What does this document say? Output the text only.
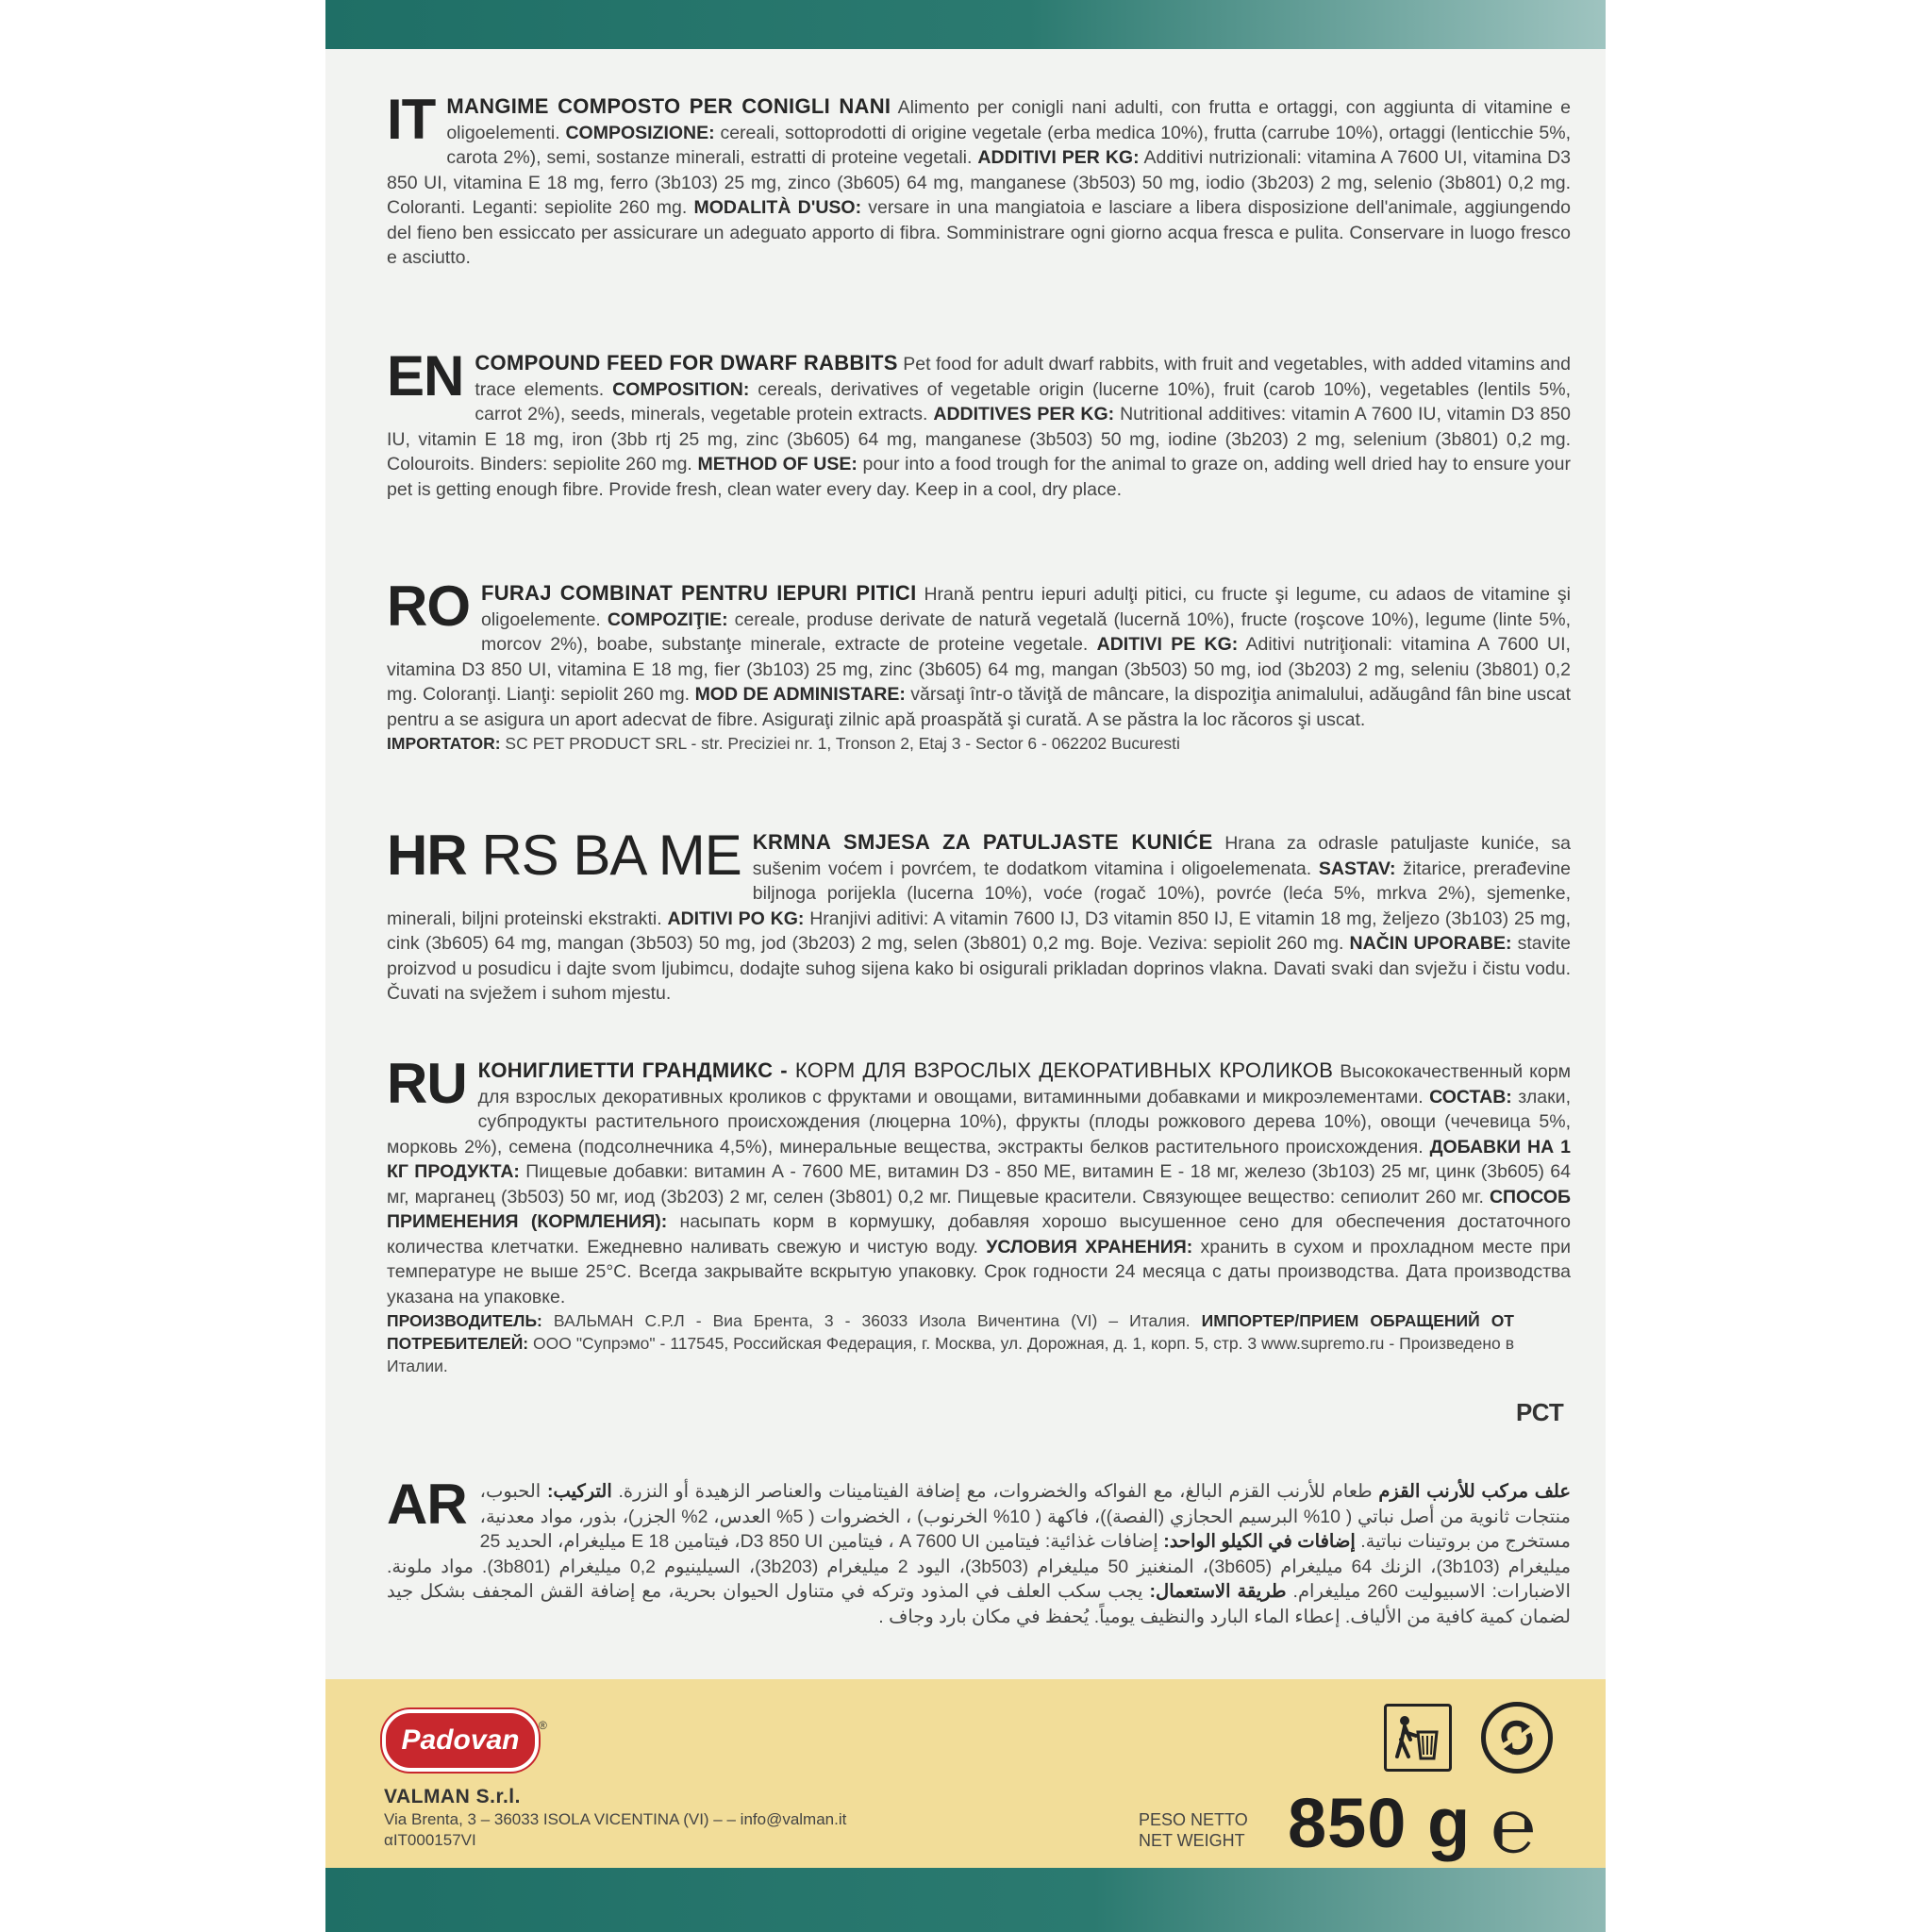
IT MANGIME COMPOSTO PER CONIGLI NANI Alimento per conigli nani adulti, con frutta e ortaggi, con aggiunta di vitamine e oligoelementi. COMPOSIZIONE: cereali, sottoprodotti di origine vegetale (erba medica 10%), frutta (carrube 10%), ortaggi (lenticchie 5%, carota 2%), semi, sostanze minerali, estratti di proteine vegetali. ADDITIVI PER KG: Additivi nutrizionali: vitamina A 7600 UI, vitamina D3 850 UI, vitamina E 18 mg, ferro (3b103) 25 mg, zinco (3b605) 64 mg, manganese (3b503) 50 mg, iodio (3b203) 2 mg, selenio (3b801) 0,2 mg. Coloranti. Leganti: sepiolite 260 mg. MODALITÀ D'USO: versare in una mangiatoia e lasciare a libera disposizione dell'animale, aggiungendo del fieno ben essiccato per assicurare un adeguato apporto di fibra. Somministrare ogni giorno acqua fresca e pulita. Conservare in luogo fresco e asciutto.
EN COMPOUND FEED FOR DWARF RABBITS Pet food for adult dwarf rabbits, with fruit and vegetables, with added vitamins and trace elements. COMPOSITION: cereals, derivatives of vegetable origin (lucerne 10%), fruit (carob 10%), vegetables (lentils 5%, carrot 2%), seeds, minerals, vegetable protein extracts. ADDITIVES PER KG: Nutritional additives: vitamin A 7600 IU, vitamin D3 850 IU, vitamin E 18 mg, iron (3bb rtj 25 mg, zinc (3b605) 64 mg, manganese (3b503) 50 mg, iodine (3b203) 2 mg, selenium (3b801) 0,2 mg. Colouroits. Binders: sepiolite 260 mg. METHOD OF USE: pour into a food trough for the animal to graze on, adding well dried hay to ensure your pet is getting enough fibre. Provide fresh, clean water every day. Keep in a cool, dry place.
RO FURAJ COMBINAT PENTRU IEPURI PITICI Hrană pentru iepuri adulţi pitici, cu fructe şi legume, cu adaos de vitamine şi oligoelemente. COMPOZIŢIE: cereale, produse derivate de natură vegetală (lucernă 10%), fructe (roşcove 10%), legume (linte 5%, morcov 2%), boabe, substanţe minerale, extracte de proteine vegetale. ADITIVI PE KG: Aditivi nutriţionali: vitamina A 7600 UI, vitamina D3 850 UI, vitamina E 18 mg, fier (3b103) 25 mg, zinc (3b605) 64 mg, mangan (3b503) 50 mg, iod (3b203) 2 mg, seleniu (3b801) 0,2 mg. Coloranţi. Lianţi: sepiolit 260 mg. MOD DE ADMINISTARE: vărsaţi într-o tăviţă de mâncare, la dispoziţia animalului, adăugând fân bine uscat pentru a se asigura un aport adecvat de fibre. Asiguraţi zilnic apă proaspătă şi curată. A se păstra la loc răcoros şi uscat.
IMPORTATOR: SC PET PRODUCT SRL - str. Preciziei nr. 1, Tronson 2, Etaj 3 - Sector 6 - 062202 Bucuresti
HR RS BA ME KRMNA SMJESA ZA PATULJASTE KUNIĆE Hrana za odrasle patuljaste kuniće, sa sušenim voćem i povrćem, te dodatkom vitamina i oligoelemenata. SASTAV: žitarice, prerađevine biljnoga porijekla (lucerna 10%), voće (rogač 10%), povrće (leća 5%, mrkva 2%), sjemenke, minerali, biljni proteinski ekstrakti. ADITIVI PO KG: Hranjivi aditivi: A vitamin 7600 IJ, D3 vitamin 850 IJ, E vitamin 18 mg, željezo (3b103) 25 mg, cink (3b605) 64 mg, mangan (3b503) 50 mg, jod (3b203) 2 mg, selen (3b801) 0,2 mg. Boje. Veziva: sepiolit 260 mg. NAČIN UPORABE: stavite proizvod u posudicu i dajte svom ljubimcu, dodajte suhog sijena kako bi osigurali prikladan doprinos vlakna. Davati svaki dan svježu i čistu vodu. Čuvati na svježem i suhom mjestu.
RU КОНИГЛИЕТТИ ГРАНДМИКС - КОРМ ДЛЯ ВЗРОСЛЫХ ДЕКОРАТИВНЫХ КРОЛИКОВ Высококачественный корм для взрослых декоративных кроликов с фруктами и овощами, витаминными добавками и микроэлементами. СОСТАВ: злаки, субпродукты растительного происхождения (люцерна 10%), фрукты (плоды рожкового дерева 10%), овощи (чечевица 5%, морковь 2%), семена (подсолнечника 4,5%), минеральные вещества, экстракты белков растительного происхождения. ДОБАВКИ НА 1 КГ ПРОДУКТА: Пищевые добавки: витамин А - 7600 МЕ, витамин D3 - 850 МЕ, витамин Е - 18 мг, железо (3b103) 25 мг, цинк (3b605) 64 мг, марганец (3b503) 50 мг, иод (3b203) 2 мг, селен (3b801) 0,2 мг. Пищевые красители. Связующее вещество: сепиолит 260 мг. СПОСОБ ПРИМЕНЕНИЯ (КОРМЛЕНИЯ): насыпать корм в кормушку, добавляя хорошо высушенное сено для обеспечения достаточного количества клетчатки. Ежедневно наливать свежую и чистую воду. УСЛОВИЯ ХРАНЕНИЯ: хранить в сухом и прохладном месте при температуре не выше 25°С. Всегда закрывайте вскрытую упаковку. Срок годности 24 месяца с даты производства. Дата производства указана на упаковке.
ПРОИЗВОДИТЕЛЬ: ВАЛЬМАН С.Р.Л - Виа Брента, 3 - 36033 Изола Вичентина (VI) – Италия. ИМПОРТЕР/ПРИЕМ ОБРАЩЕНИЙ ОТ ПОТРЕБИТЕЛЕЙ: ООО "Супрэмо" - 117545, Российская Федерация, г. Москва, ул. Дорожная, д. 1, корп. 5, стр. 3 www.supremo.ru - Произведено в Италии.
РСТ
AR	علف مركب للأرنب القزم طعام للأرنب القزم البالغ، مع الفواكه والخضروات، مع إضافة الفيتامينات والعناصر الزهيدة أو النزرة. التركيب: الحبوب، منتجات ثانوية من أصل نباتي ( 10% البرسيم الحجازي (الفصة))، فاكهة ( 10% الخرنوب) ، الخضروات ( 5% العدس، 2% الجزر)، بذور، مواد معدنية، مستخرج من بروتينات نباتية. إضافات في الكيلو الواحد: إضافات غذائية: فيتامين A 7600 UI ، فيتامين D3 850 UI، فيتامين E 18 ميليغرام، الحديد 25 ميليغرام (3b103)، الزنك 64 ميليغرام (3b605)، المنغنيز 50 ميليغرام (3b503)، اليود 2 ميليغرام (3b203)، السيلينيوم 0,2 ميليغرام (3b801). مواد ملونة. الاضبارات: الاسبيوليت 260 ميليغرام. طريقة الاستعمال: يجب سكب العلف في المذود وتركه في متناول الحيوان بحرية، مع إضافة القش المجفف بشكل جيد لضمان كمية كافية من الألياف. إعطاء الماء البارد والنظيف يومياً. يُحفظ في مكان بارد وجاف .
Padovan	®
VALMAN S.r.l.
Via Brenta, 3 – 36033 ISOLA VICENTINA (VI) – – info@valman.it
αIT000157VI
PESO NETTO
NET WEIGHT 850 g ℮
